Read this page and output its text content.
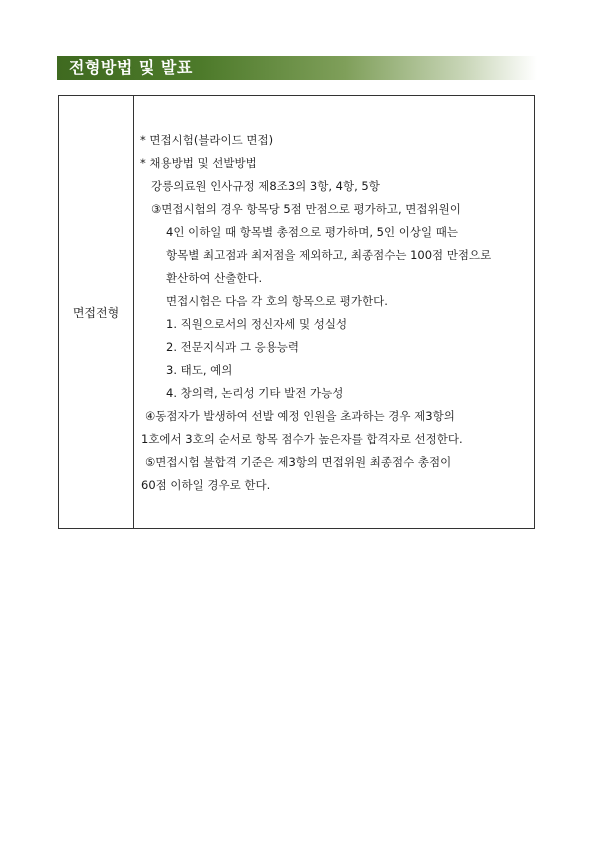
전형방법 및 발표
면접전형
* 면접시험(블라이드 면접)
* 채용방법 및 선발방법
강릉의료원 인사규정 제8조3의 3항, 4항, 5항
③면접시험의 경우 항목당 5점 만점으로 평가하고, 면접위원이
4인 이하일 때 항목별 총점으로 평가하며, 5인 이상일 때는
항목별 최고점과 최저점을 제외하고, 최종점수는 100점 만점으로
환산하여 산출한다.
면접시험은 다음 각 호의 항목으로 평가한다.
1. 직원으로서의 정신자세 및 성실성
2. 전문지식과 그 응용능력
3. 태도, 예의
4. 창의력, 논리성 기타 발전 가능성
④동점자가 발생하여 선발 예정 인원을 초과하는 경우 제3항의
1호에서 3호의 순서로 항목 점수가 높은자를 합격자로 선정한다.
⑤면접시험 불합격 기준은 제3항의 면접위원 최종점수 총점이
60점 이하일 경우로 한다.
